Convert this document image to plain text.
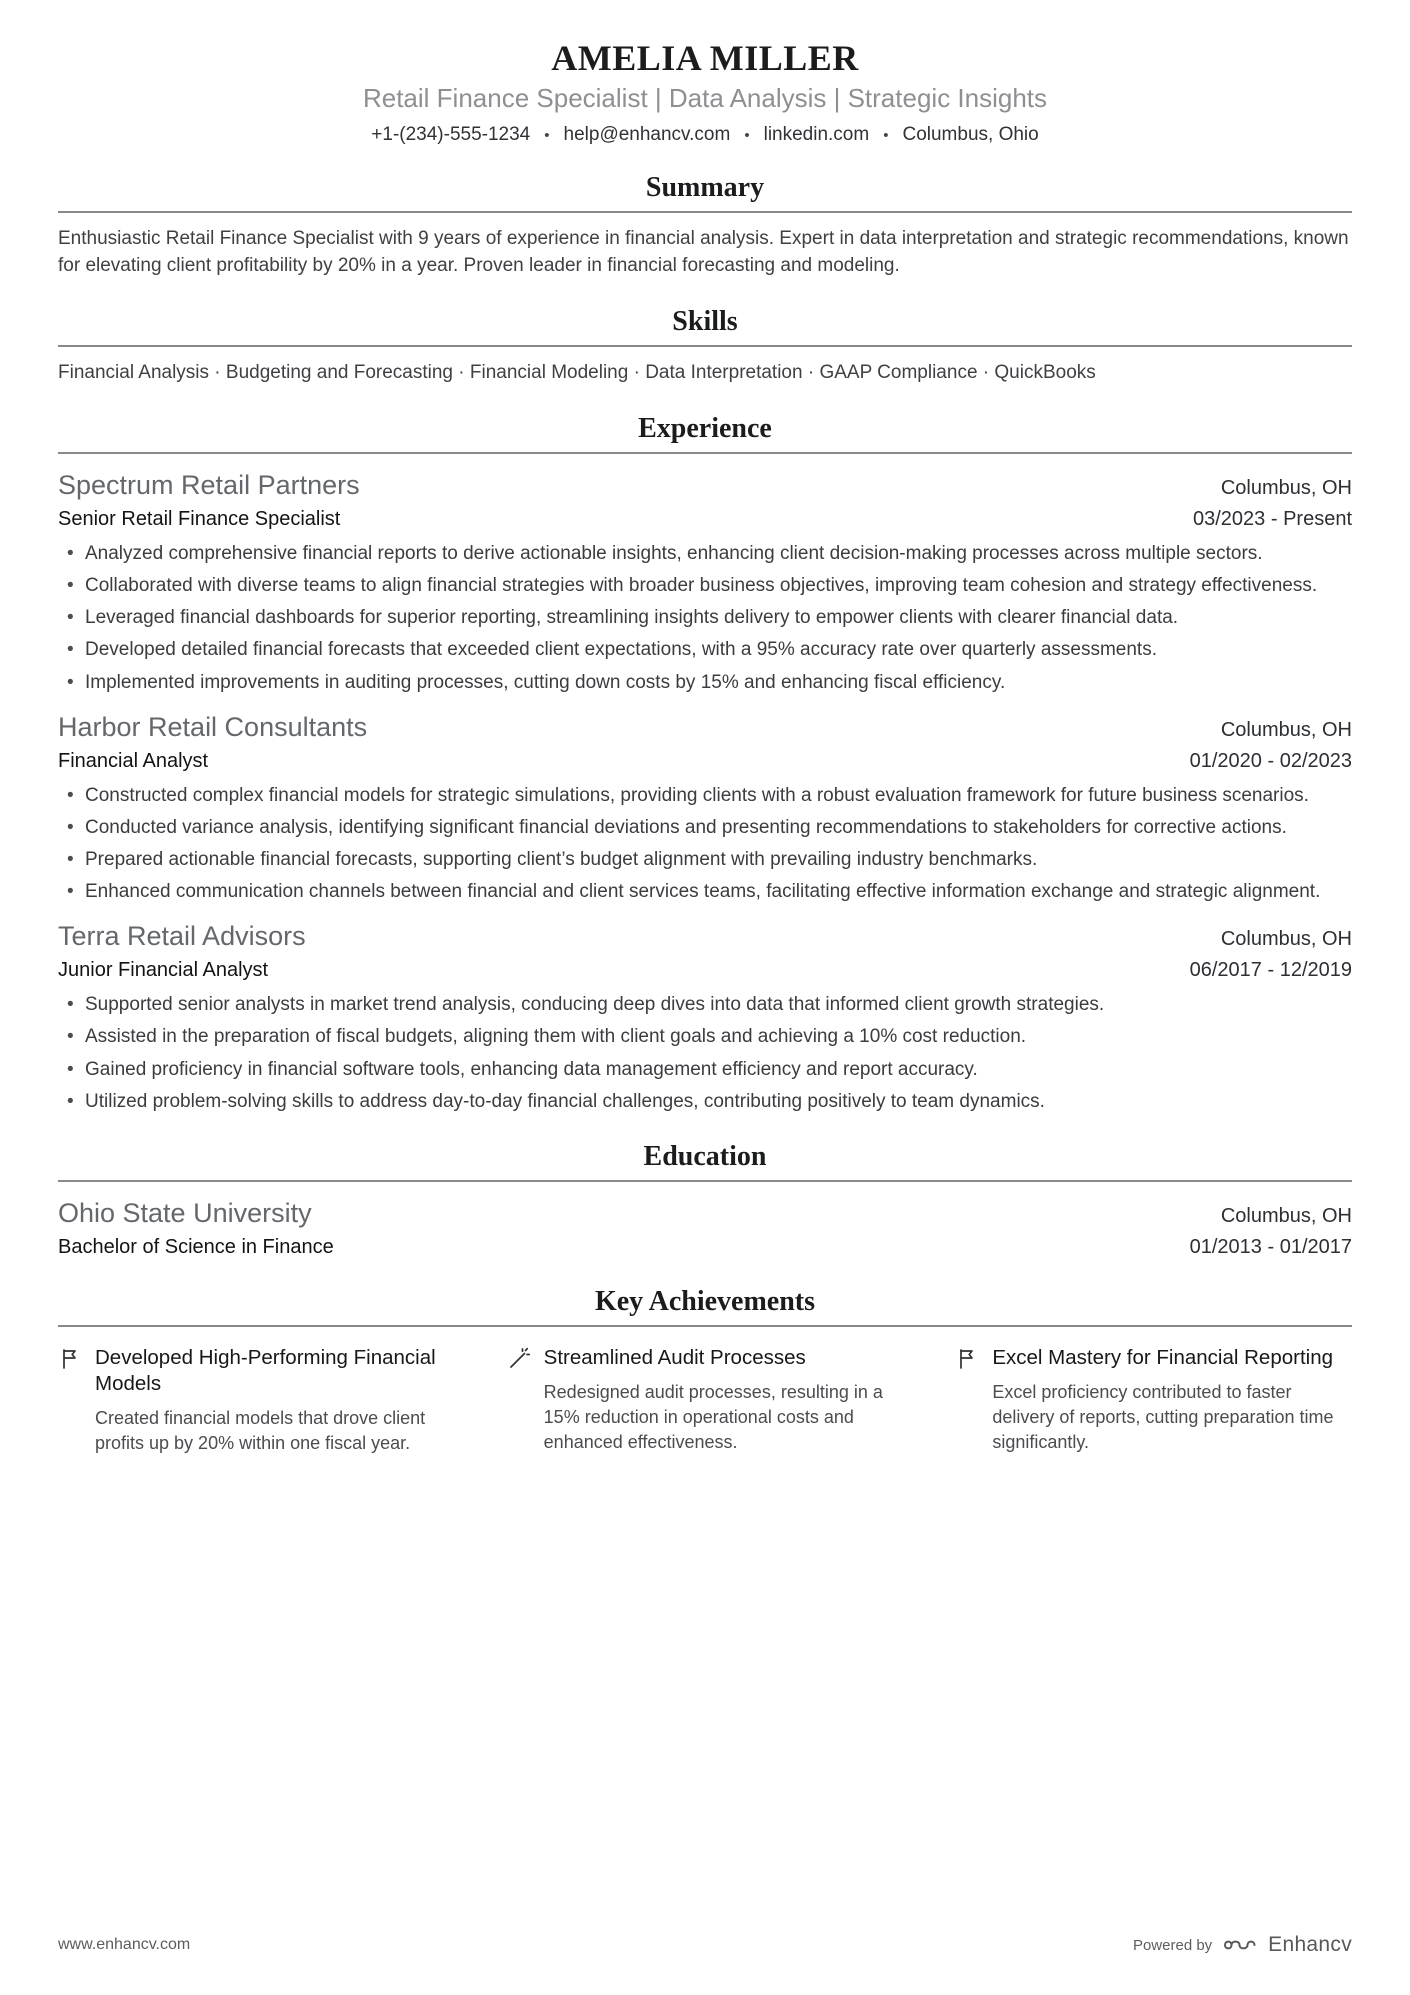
AMELIA MILLER
Retail Finance Specialist | Data Analysis | Strategic Insights
+1-(234)-555-1234 • help@enhancv.com • linkedin.com • Columbus, Ohio
Summary

Enthusiastic Retail Finance Specialist with 9 years of experience in financial analysis. Expert in data interpretation and strategic recommendations, known for elevating client profitability by 20% in a year. Proven leader in financial forecasting and modeling.

Skills
Financial Analysis · Budgeting and Forecasting · Financial Modeling · Data Interpretation · GAAP Compliance · QuickBooks
Experience
Spectrum Retail Partners	Columbus, OH
Senior Retail Finance Specialist	03/2023 - Present
• Analyzed comprehensive financial reports to derive actionable insights, enhancing client decision-making processes across multiple sectors.
• Collaborated with diverse teams to align financial strategies with broader business objectives, improving team cohesion and strategy effectiveness.
• Leveraged financial dashboards for superior reporting, streamlining insights delivery to empower clients with clearer financial data.
• Developed detailed financial forecasts that exceeded client expectations, with a 95% accuracy rate over quarterly assessments.
• Implemented improvements in auditing processes, cutting down costs by 15% and enhancing fiscal efficiency.
Harbor Retail Consultants	Columbus, OH
Financial Analyst	01/2020 - 02/2023
• Constructed complex financial models for strategic simulations, providing clients with a robust evaluation framework for future business scenarios.
• Conducted variance analysis, identifying significant financial deviations and presenting recommendations to stakeholders for corrective actions.
• Prepared actionable financial forecasts, supporting client’s budget alignment with prevailing industry benchmarks.
• Enhanced communication channels between financial and client services teams, facilitating effective information exchange and strategic alignment.
Terra Retail Advisors	Columbus, OH
Junior Financial Analyst	06/2017 - 12/2019
• Supported senior analysts in market trend analysis, conducing deep dives into data that informed client growth strategies.
• Assisted in the preparation of fiscal budgets, aligning them with client goals and achieving a 10% cost reduction.
• Gained proficiency in financial software tools, enhancing data management efficiency and report accuracy.
• Utilized problem-solving skills to address day-to-day financial challenges, contributing positively to team dynamics.
Education
Ohio State University	Columbus, OH
Bachelor of Science in Finance	01/2013 - 01/2017
Key Achievements
Developed High-Performing Financial Models
Created financial models that drove client profits up by 20% within one fiscal year.
Streamlined Audit Processes
Redesigned audit processes, resulting in a 15% reduction in operational costs and enhanced effectiveness.
Excel Mastery for Financial Reporting
Excel proficiency contributed to faster delivery of reports, cutting preparation time significantly.
www.enhancv.com	Powered by	Enhancv
